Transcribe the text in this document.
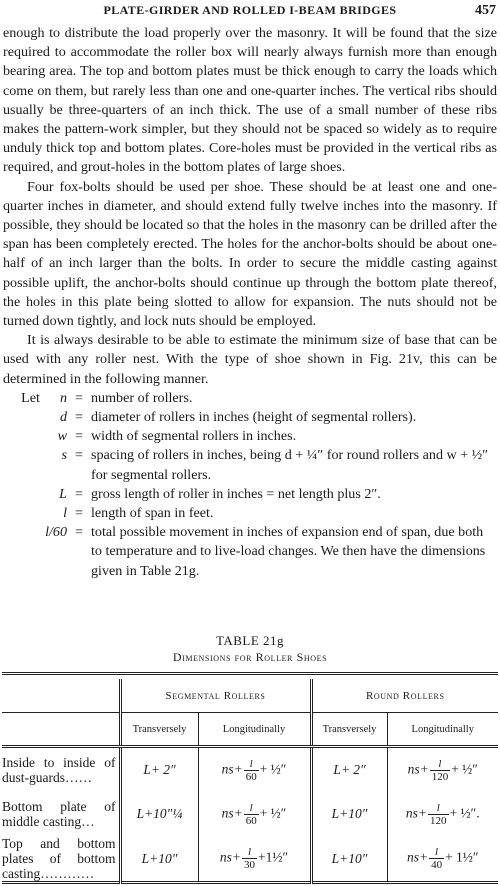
PLATE-GIRDER AND ROLLED I-BEAM BRIDGES	457

enough to distribute the load properly over the masonry. It will be found that the size required to accommodate the roller box will nearly always furnish more than enough bearing area. The top and bottom plates must be thick enough to carry the loads which come on them, but rarely less than one and one-quarter inches. The vertical ribs should usually be three-quarters of an inch thick. The use of a small number of these ribs makes the pattern-work simpler, but they should not be spaced so widely as to require unduly thick top and bottom plates. Core-holes must be provided in the vertical ribs as required, and grout-holes in the bottom plates of large shoes.

Four fox-bolts should be used per shoe. These should be at least one and one-quarter inches in diameter, and should extend fully twelve inches into the masonry. If possible, they should be located so that the holes in the masonry can be drilled after the span has been completely erected. The holes for the anchor-bolts should be about one-half of an inch larger than the bolts. In order to secure the middle casting against possible uplift, the anchor-bolts should continue up through the bottom plate thereof, the holes in this plate being slotted to allow for expansion. The nuts should not be turned down tightly, and lock nuts should be employed.

It is always desirable to be able to estimate the minimum size of base that can be used with any roller nest. With the type of shoe shown in Fig. 21v, this can be determined in the following manner.

Let n = number of rollers.
d = diameter of rollers in inches (height of segmental rollers).
w = width of segmental rollers in inches.
s = spacing of rollers in inches, being d + ¼″ for round rollers and w + ½″ for segmental rollers.
L = gross length of roller in inches = net length plus 2″.
l = length of span in feet.
l/60 = total possible movement in inches of expansion end of span, due both to temperature and to live-load changes. We then have the dimensions given in Table 21g.
TABLE 21g
Dimensions for Roller Shoes

	Segmental Rollers		Round Rollers	
	Transversely	Longitudinally	Transversely	Longitudinally
Inside to inside of dust-guards……	L+ 2″	$ns+ \frac{l}{60}$ + ½″	L+ 2″	$ns+ \frac{l}{120}$ + ½″
Bottom plate of middle casting…	L+10″¼	$ns+ \frac{l}{60}$ + ½″	L+10″	$ns+ \frac{l}{120}$ + ½″.
Top and bottom plates of bottom casting…………	L+10″	$ns+ \frac{l}{30}$ +1½″	L+10″	$ns+ \frac{l}{40}$ + 1½″
